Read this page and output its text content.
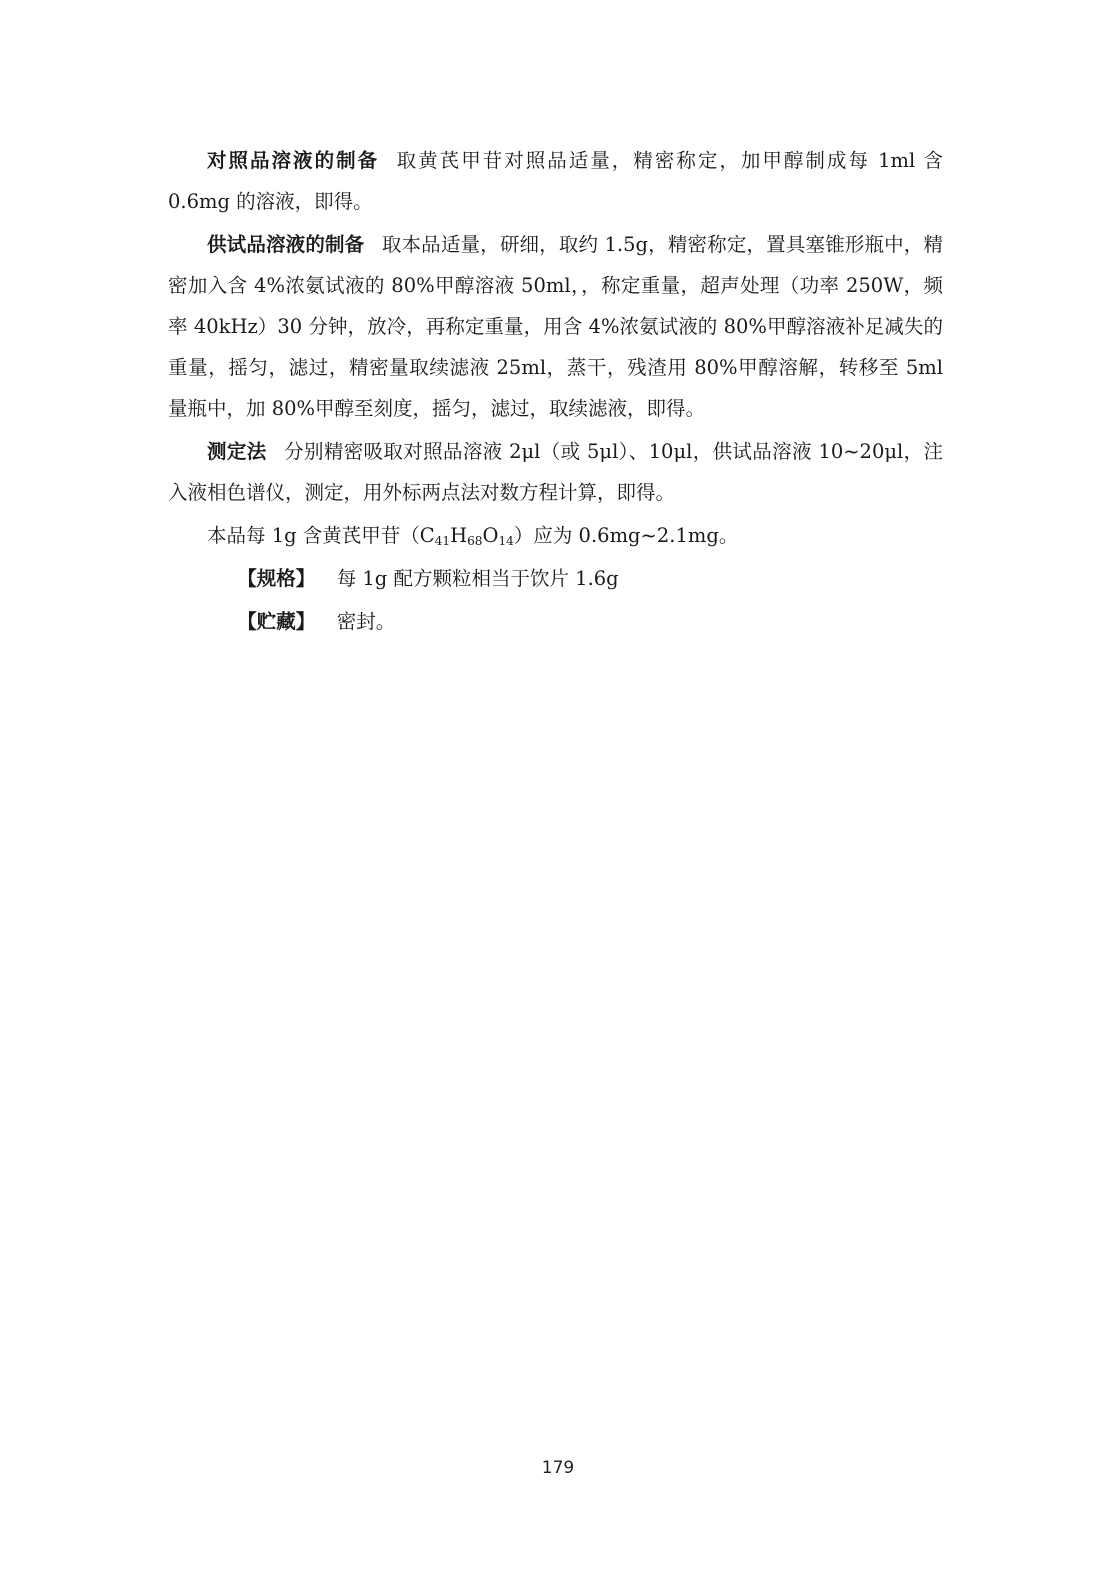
对照品溶液的制备 取黄芪甲苷对照品适量，精密称定，加甲醇制成每 1ml 含 0.6mg 的溶液，即得。

供试品溶液的制备 取本品适量，研细，取约 1.5g，精密称定，置具塞锥形瓶中，精密加入含 4%浓氨试液的 80%甲醇溶液 50ml，，称定重量，超声处理（功率 250W，频率 40kHz）30 分钟，放冷，再称定重量，用含 4%浓氨试液的 80%甲醇溶液补足减失的重量，摇匀，滤过，精密量取续滤液 25ml，蒸干，残渣用 80%甲醇溶解，转移至 5ml 量瓶中，加 80%甲醇至刻度，摇匀，滤过，取续滤液，即得。

测定法 分别精密吸取对照品溶液 2μl（或 5μl）、10μl，供试品溶液 10~20μl，注入液相色谱仪，测定，用外标两点法对数方程计算，即得。

本品每 1g 含黄芪甲苷$(C_{41}H_{68}O_{14})$应为 0.6mg~2.1mg。

【规格】 每 1g 配方颗粒相当于饮片 1.6g

【贮藏】 密封。

179
